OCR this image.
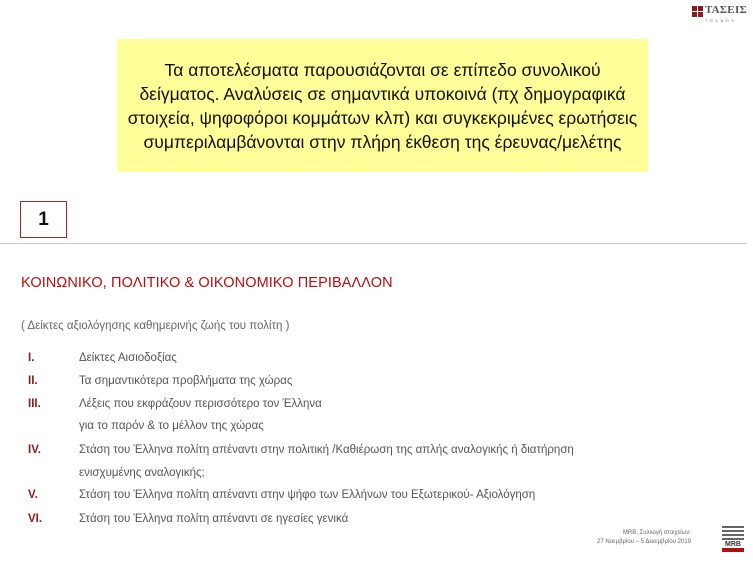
ΤΑΣΕΙΣ
TRENDS

Τα αποτελέσματα παρουσιάζονται σε επίπεδο συνολικού δείγματος. Αναλύσεις σε σημαντικά υποκοινά (πχ δημογραφικά στοιχεία, ψηφοφόροι κομμάτων κλπ) και συγκεκριμένες ερωτήσεις συμπεριλαμβάνονται στην πλήρη έκθεση της έρευνας/μελέτης

1
ΚΟΙΝΩΝΙΚΟ, ΠΟΛΙΤΙΚΟ & ΟΙΚΟΝΟΜΙΚΟ ΠΕΡΙΒΑΛΛΟΝ
( Δείκτες αξιολόγησης καθημερινής ζωής του πολίτη )
I.	Δείκτες Αισιοδοξίας
II.	Τα σημαντικότερα προβλήματα της χώρας
III.	Λέξεις που εκφράζουν περισσότερο τον Έλληνα
για το παρόν & το μέλλον της χώρας
IV.	Στάση του Έλληνα πολίτη απέναντι στην πολιτική /Καθιέρωση της απλής αναλογικής ή διατήρηση
ενισχυμένης αναλογικής;
V.	Στάση του Έλληνα πολίτη απέναντι στην ψήφο των Ελλήνων του Εξωτερικού- Αξιολόγηση
VI.	Στάση του Έλληνα πολίτη απέναντι σε ηγεσίες γενικά
MRB, Συλλογή στοιχείων:
27 Νοεμβρίου – 5 Δεκεμβρίου 2019	MRB
